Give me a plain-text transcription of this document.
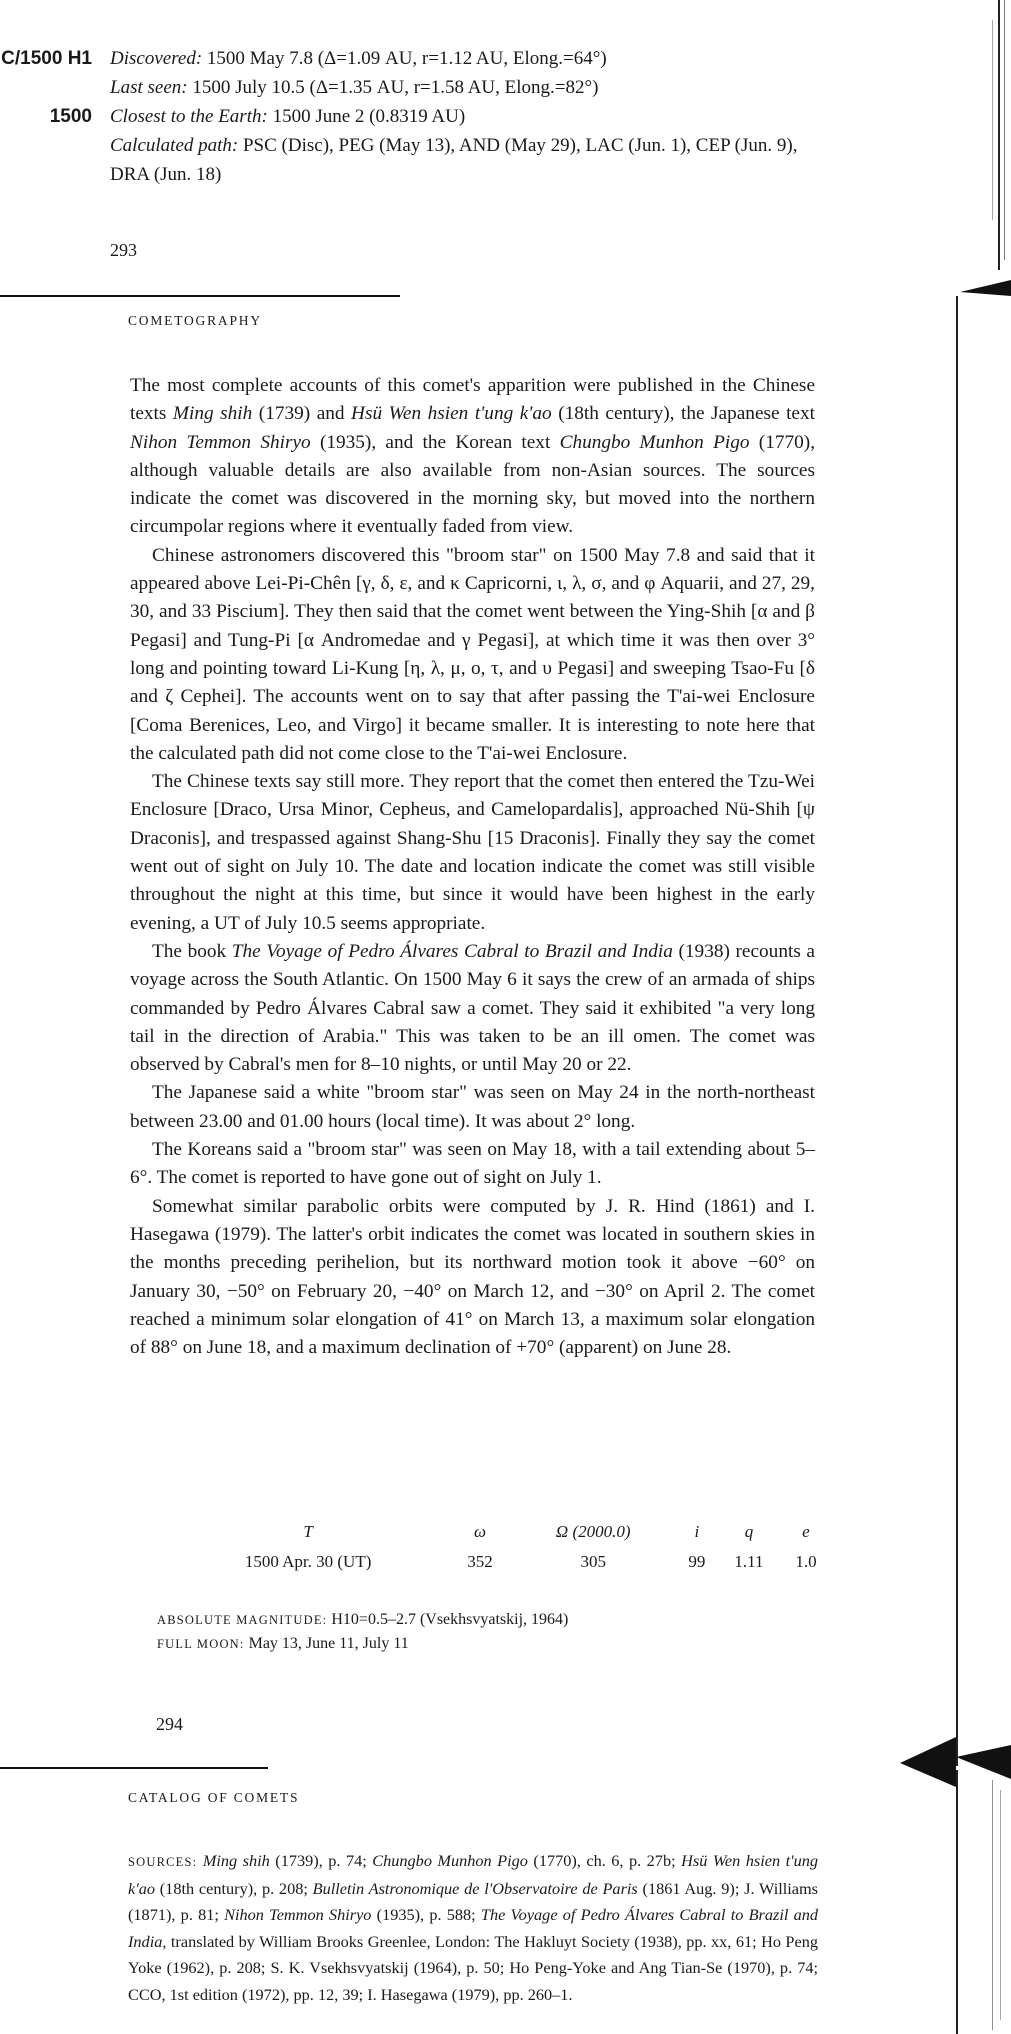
C/1500 H1

1500
Discovered: 1500 May 7.8 (Δ=1.09 AU, r=1.12 AU, Elong.=64°)
Last seen: 1500 July 10.5 (Δ=1.35 AU, r=1.58 AU, Elong.=82°)
Closest to the Earth: 1500 June 2 (0.8319 AU)
Calculated path: PSC (Disc), PEG (May 13), AND (May 29), LAC (Jun. 1), CEP (Jun. 9), DRA (Jun. 18)
293
COMETOGRAPHY

The most complete accounts of this comet's apparition were published in the Chinese texts Ming shih (1739) and Hsü Wen hsien t'ung k'ao (18th century), the Japanese text Nihon Temmon Shiryo (1935), and the Korean text Chungbo Munhon Pigo (1770), although valuable details are also available from non-Asian sources. The sources indicate the comet was discovered in the morning sky, but moved into the northern circumpolar regions where it eventually faded from view.

Chinese astronomers discovered this "broom star" on 1500 May 7.8 and said that it appeared above Lei-Pi-Chên [γ, δ, ε, and κ Capricorni, ι, λ, σ, and φ Aquarii, and 27, 29, 30, and 33 Piscium]. They then said that the comet went between the Ying-Shih [α and β Pegasi] and Tung-Pi [α Andromedae and γ Pegasi], at which time it was then over 3° long and pointing toward Li-Kung [η, λ, μ, ο, τ, and υ Pegasi] and sweeping Tsao-Fu [δ and ζ Cephei]. The accounts went on to say that after passing the T'ai-wei Enclosure [Coma Berenices, Leo, and Virgo] it became smaller. It is interesting to note here that the calculated path did not come close to the T'ai-wei Enclosure.

The Chinese texts say still more. They report that the comet then entered the Tzu-Wei Enclosure [Draco, Ursa Minor, Cepheus, and Camelopardalis], approached Nü-Shih [ψ Draconis], and trespassed against Shang-Shu [15 Draconis]. Finally they say the comet went out of sight on July 10. The date and location indicate the comet was still visible throughout the night at this time, but since it would have been highest in the early evening, a UT of July 10.5 seems appropriate.

The book The Voyage of Pedro Álvares Cabral to Brazil and India (1938) recounts a voyage across the South Atlantic. On 1500 May 6 it says the crew of an armada of ships commanded by Pedro Álvares Cabral saw a comet. They said it exhibited "a very long tail in the direction of Arabia." This was taken to be an ill omen. The comet was observed by Cabral's men for 8–10 nights, or until May 20 or 22.

The Japanese said a white "broom star" was seen on May 24 in the north-northeast between 23.00 and 01.00 hours (local time). It was about 2° long.

The Koreans said a "broom star" was seen on May 18, with a tail extending about 5–6°. The comet is reported to have gone out of sight on July 1.

Somewhat similar parabolic orbits were computed by J. R. Hind (1861) and I. Hasegawa (1979). The latter's orbit indicates the comet was located in southern skies in the months preceding perihelion, but its northward motion took it above −60° on January 30, −50° on February 20, −40° on March 12, and −30° on April 2. The comet reached a minimum solar elongation of 41° on March 13, a maximum solar elongation of 88° on June 18, and a maximum declination of +70° (apparent) on June 28.

T	ω	Ω (2000.0)	i	q	e
1500 Apr. 30 (UT)	352	305	99	1.11	1.0
ABSOLUTE MAGNITUDE: H10=0.5–2.7 (Vsekhsvyatskij, 1964)
FULL MOON: May 13, June 11, July 11
294
CATALOG OF COMETS
SOURCES: Ming shih (1739), p. 74; Chungbo Munhon Pigo (1770), ch. 6, p. 27b; Hsü Wen hsien t'ung k'ao (18th century), p. 208; Bulletin Astronomique de l'Observatoire de Paris (1861 Aug. 9); J. Williams (1871), p. 81; Nihon Temmon Shiryo (1935), p. 588; The Voyage of Pedro Álvares Cabral to Brazil and India, translated by William Brooks Greenlee, London: The Hakluyt Society (1938), pp. xx, 61; Ho Peng Yoke (1962), p. 208; S. K. Vsekhsvyatskij (1964), p. 50; Ho Peng-Yoke and Ang Tian-Se (1970), p. 74; CCO, 1st edition (1972), pp. 12, 39; I. Hasegawa (1979), pp. 260–1.
